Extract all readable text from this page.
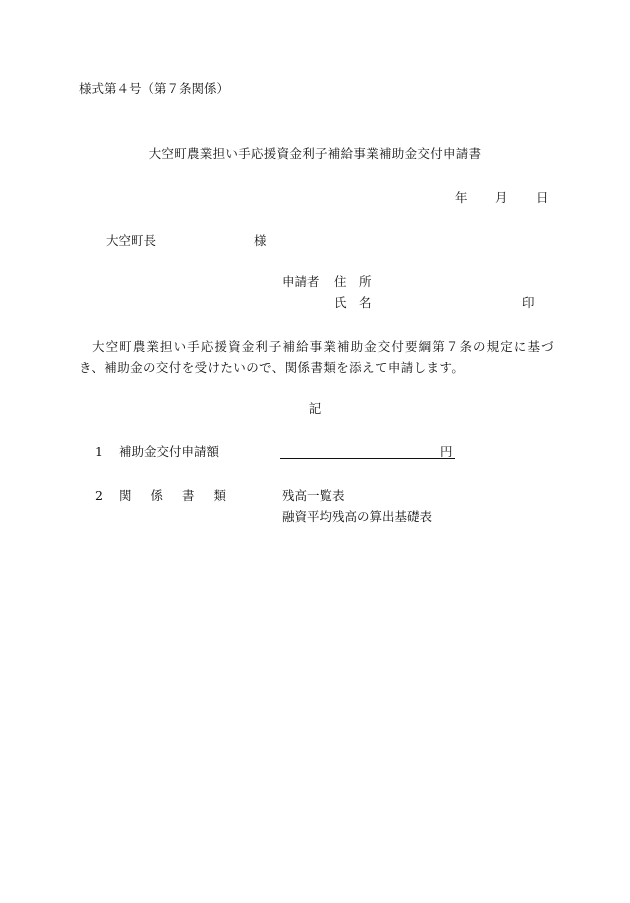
様式第４号（第７条関係）
大空町農業担い手応援資金利子補給事業補助金交付申請書
年 月 日
大空町長	様
申請者 住　所
氏　名	印
大空町農業担い手応援資金利子補給事業補助金交付要綱第７条の規定に基づき、補助金の交付を受けたいので、関係書類を添えて申請します。
記
1 補助金交付申請額	円
2 関係書類	残高一覧表
融資平均残高の算出基礎表
